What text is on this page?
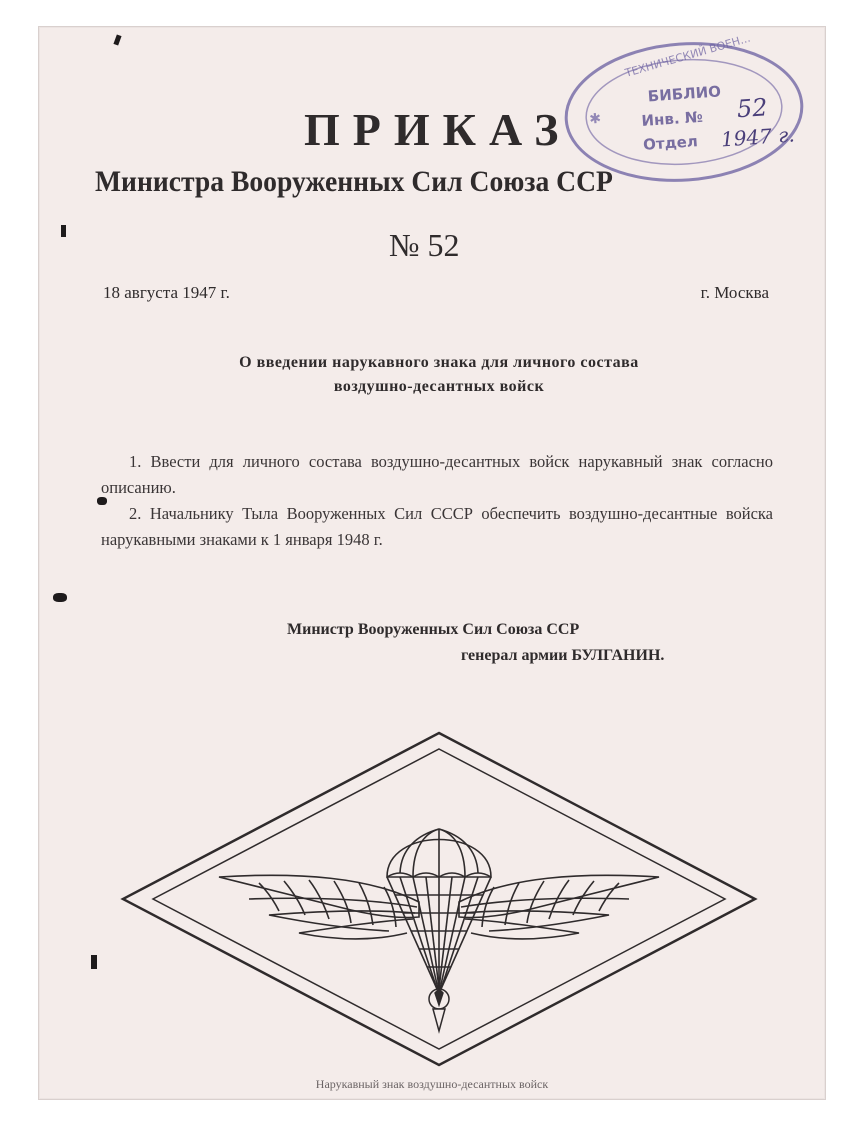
ПРИКАЗ
Министра Вооруженных Сил Союза ССР
№ 52
18 августа 1947 г.	г. Москва
О введении нарукавного знака для личного состава
воздушно-десантных войск

1. Ввести для личного состава воздушно-десантных войск нарукавный знак согласно описанию.

2. Начальнику Тыла Вооруженных Сил СССР обеспечить воздушно-десантные войска нарукавными знаками к 1 января 1948 г.

Министр Вооруженных Сил Союза ССР
генерал армии БУЛГАНИН.
ТЕХНИЧЕСКИЙ ВОЕН...
БИБЛИО
Инв. №
Отдел
52
1947 г.
✱
Нарукавный знак воздушно-десантных войск
